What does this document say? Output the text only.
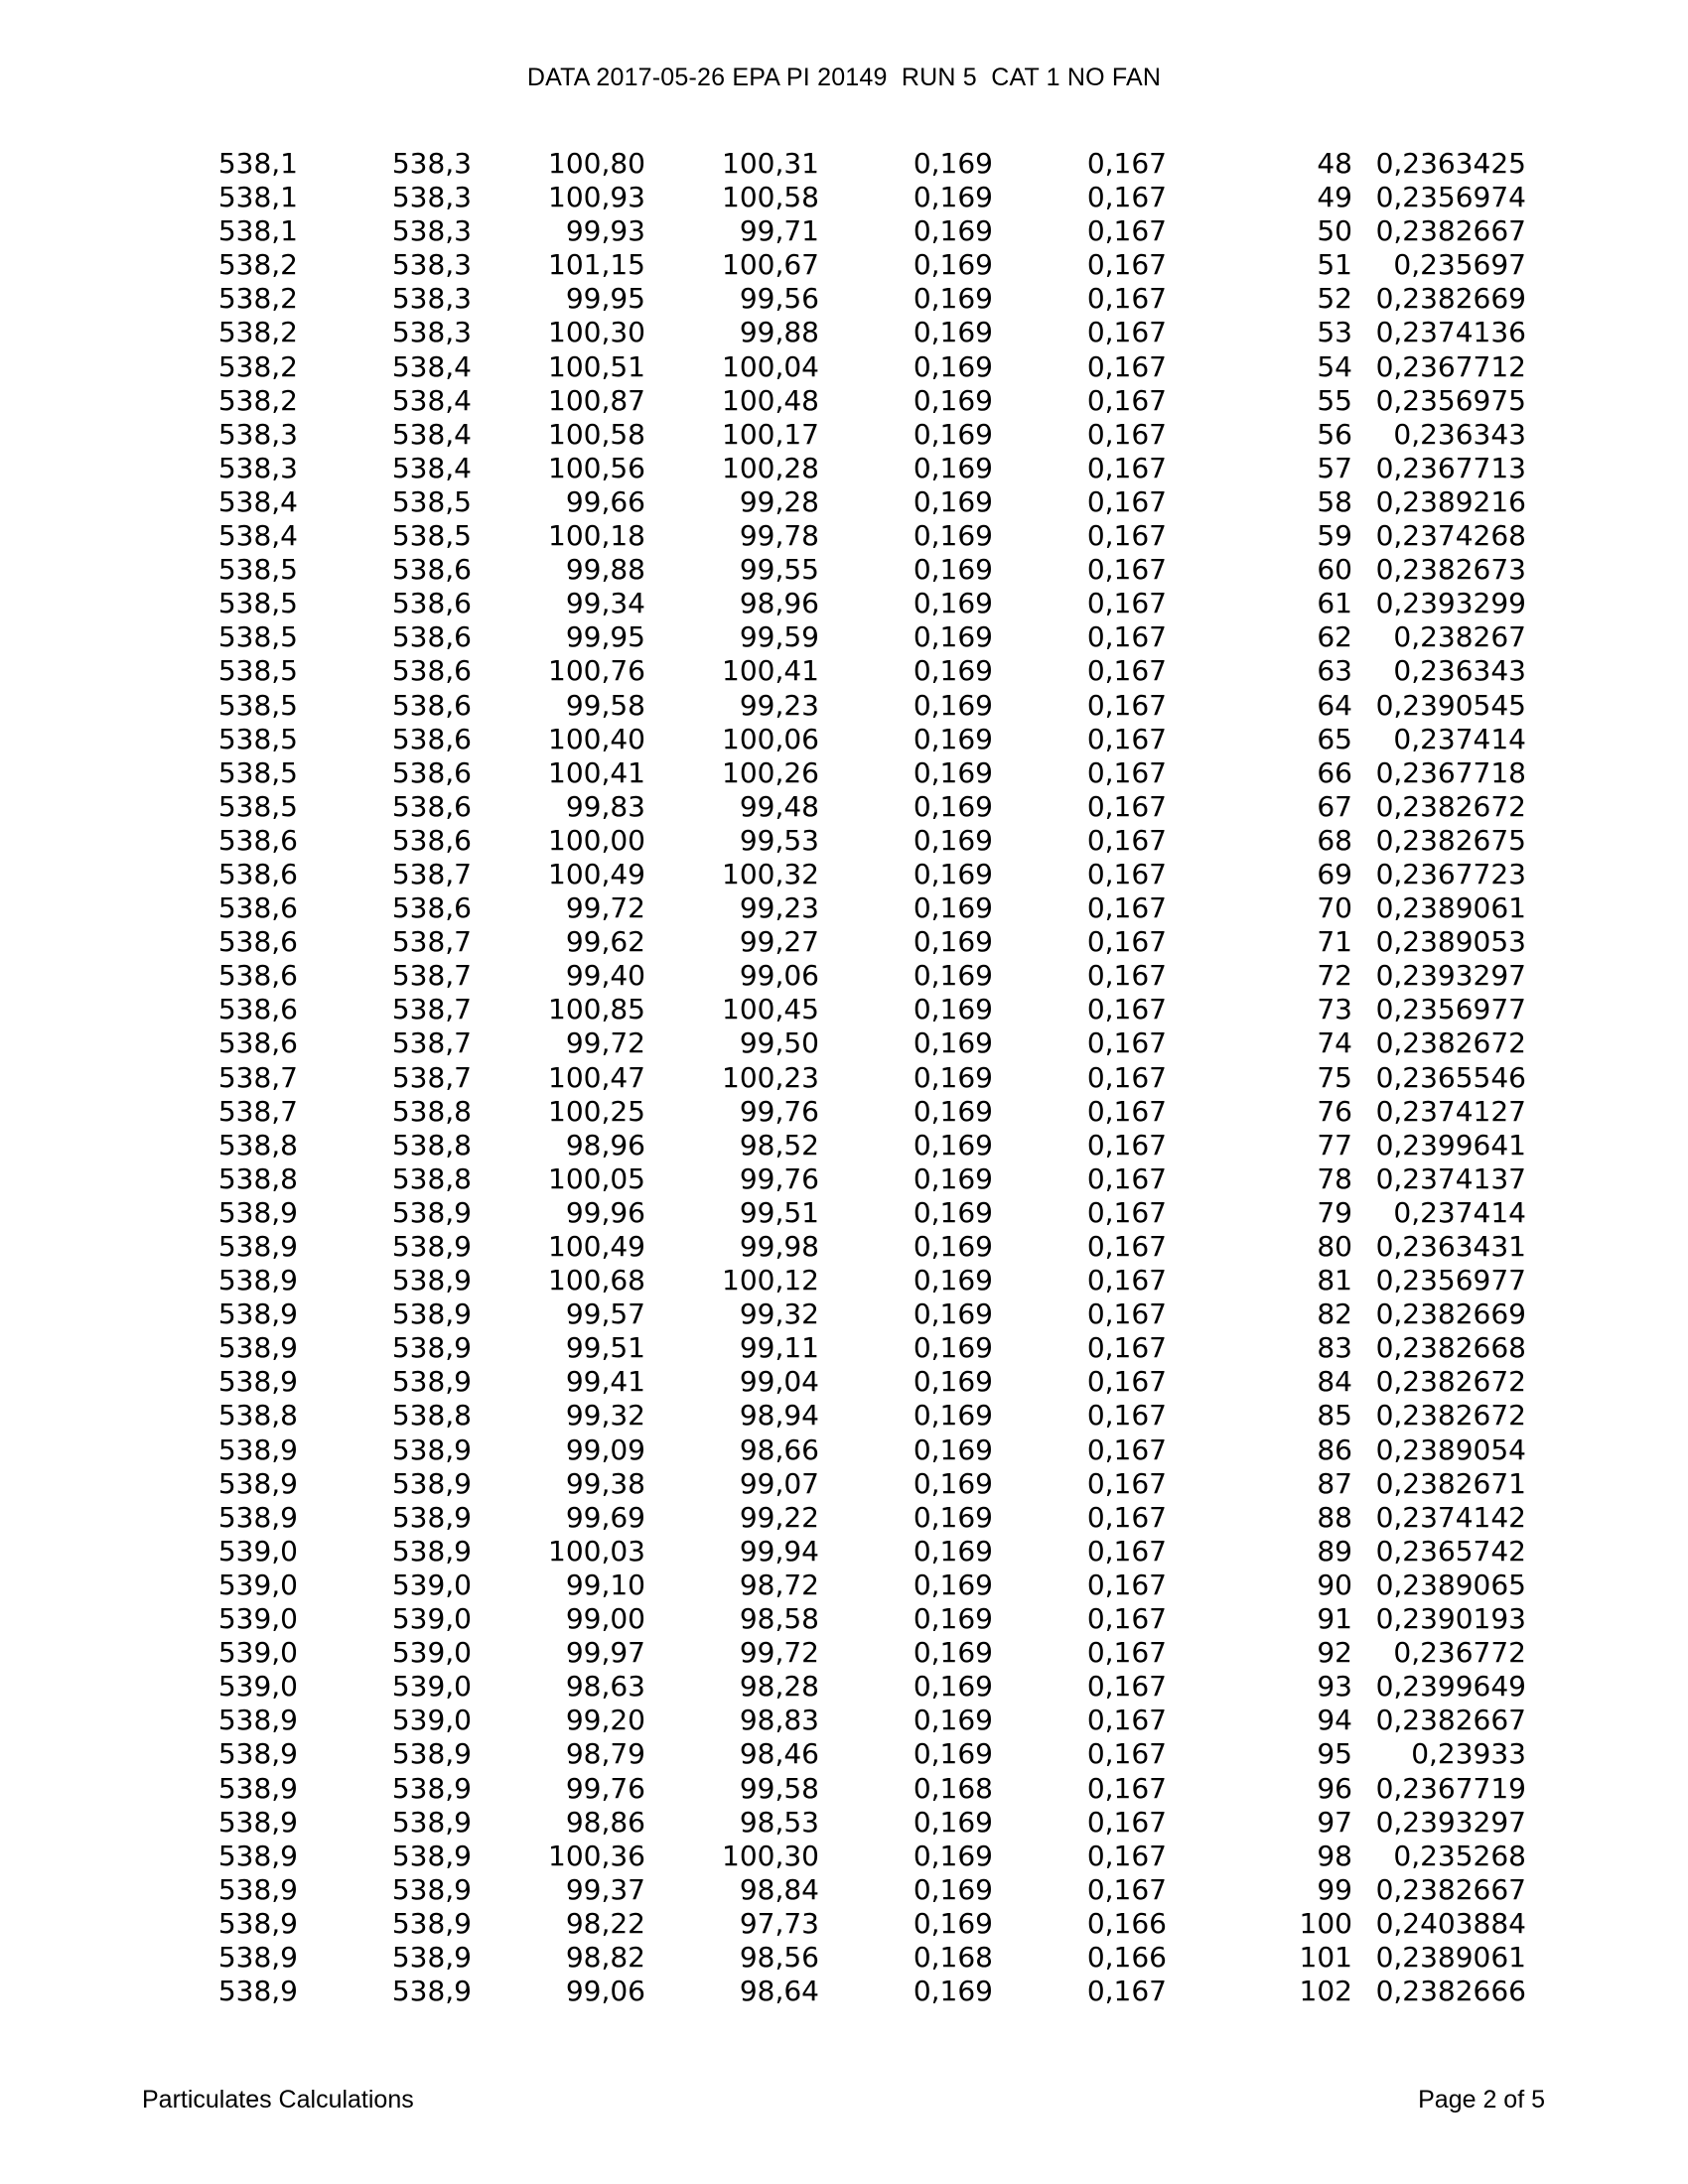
DATA 2017-05-26 EPA PI 20149  RUN 5  CAT 1 NO FAN
538,1	538,3	100,80	100,31	0,169	0,167	48 0,2363425
538,1	538,3	100,93	100,58	0,169	0,167	49 0,2356974
538,1	538,3	99,93	99,71	0,169	0,167	50 0,2382667
538,2	538,3	101,15	100,67	0,169	0,167	51 0,235697
538,2	538,3	99,95	99,56	0,169	0,167	52 0,2382669
538,2	538,3	100,30	99,88	0,169	0,167	53 0,2374136
538,2	538,4	100,51	100,04	0,169	0,167	54 0,2367712
538,2	538,4	100,87	100,48	0,169	0,167	55 0,2356975
538,3	538,4	100,58	100,17	0,169	0,167	56 0,236343
538,3	538,4	100,56	100,28	0,169	0,167	57 0,2367713
538,4	538,5	99,66	99,28	0,169	0,167	58 0,2389216
538,4	538,5	100,18	99,78	0,169	0,167	59 0,2374268
538,5	538,6	99,88	99,55	0,169	0,167	60 0,2382673
538,5	538,6	99,34	98,96	0,169	0,167	61 0,2393299
538,5	538,6	99,95	99,59	0,169	0,167	62 0,238267
538,5	538,6	100,76	100,41	0,169	0,167	63 0,236343
538,5	538,6	99,58	99,23	0,169	0,167	64 0,2390545
538,5	538,6	100,40	100,06	0,169	0,167	65 0,237414
538,5	538,6	100,41	100,26	0,169	0,167	66 0,2367718
538,5	538,6	99,83	99,48	0,169	0,167	67 0,2382672
538,6	538,6	100,00	99,53	0,169	0,167	68 0,2382675
538,6	538,7	100,49	100,32	0,169	0,167	69 0,2367723
538,6	538,6	99,72	99,23	0,169	0,167	70 0,2389061
538,6	538,7	99,62	99,27	0,169	0,167	71 0,2389053
538,6	538,7	99,40	99,06	0,169	0,167	72 0,2393297
538,6	538,7	100,85	100,45	0,169	0,167	73 0,2356977
538,6	538,7	99,72	99,50	0,169	0,167	74 0,2382672
538,7	538,7	100,47	100,23	0,169	0,167	75 0,2365546
538,7	538,8	100,25	99,76	0,169	0,167	76 0,2374127
538,8	538,8	98,96	98,52	0,169	0,167	77 0,2399641
538,8	538,8	100,05	99,76	0,169	0,167	78 0,2374137
538,9	538,9	99,96	99,51	0,169	0,167	79 0,237414
538,9	538,9	100,49	99,98	0,169	0,167	80 0,2363431
538,9	538,9	100,68	100,12	0,169	0,167	81 0,2356977
538,9	538,9	99,57	99,32	0,169	0,167	82 0,2382669
538,9	538,9	99,51	99,11	0,169	0,167	83 0,2382668
538,9	538,9	99,41	99,04	0,169	0,167	84 0,2382672
538,8	538,8	99,32	98,94	0,169	0,167	85 0,2382672
538,9	538,9	99,09	98,66	0,169	0,167	86 0,2389054
538,9	538,9	99,38	99,07	0,169	0,167	87 0,2382671
538,9	538,9	99,69	99,22	0,169	0,167	88 0,2374142
539,0	538,9	100,03	99,94	0,169	0,167	89 0,2365742
539,0	539,0	99,10	98,72	0,169	0,167	90 0,2389065
539,0	539,0	99,00	98,58	0,169	0,167	91 0,2390193
539,0	539,0	99,97	99,72	0,169	0,167	92 0,236772
539,0	539,0	98,63	98,28	0,169	0,167	93 0,2399649
538,9	539,0	99,20	98,83	0,169	0,167	94 0,2382667
538,9	538,9	98,79	98,46	0,169	0,167	95 0,23933
538,9	538,9	99,76	99,58	0,168	0,167	96 0,2367719
538,9	538,9	98,86	98,53	0,169	0,167	97 0,2393297
538,9	538,9	100,36	100,30	0,169	0,167	98 0,235268
538,9	538,9	99,37	98,84	0,169	0,167	99 0,2382667
538,9	538,9	98,22	97,73	0,169	0,166	100 0,2403884
538,9	538,9	98,82	98,56	0,168	0,166	101 0,2389061
538,9	538,9	99,06	98,64	0,169	0,167	102 0,2382666
Particulates Calculations	Page 2 of 5
